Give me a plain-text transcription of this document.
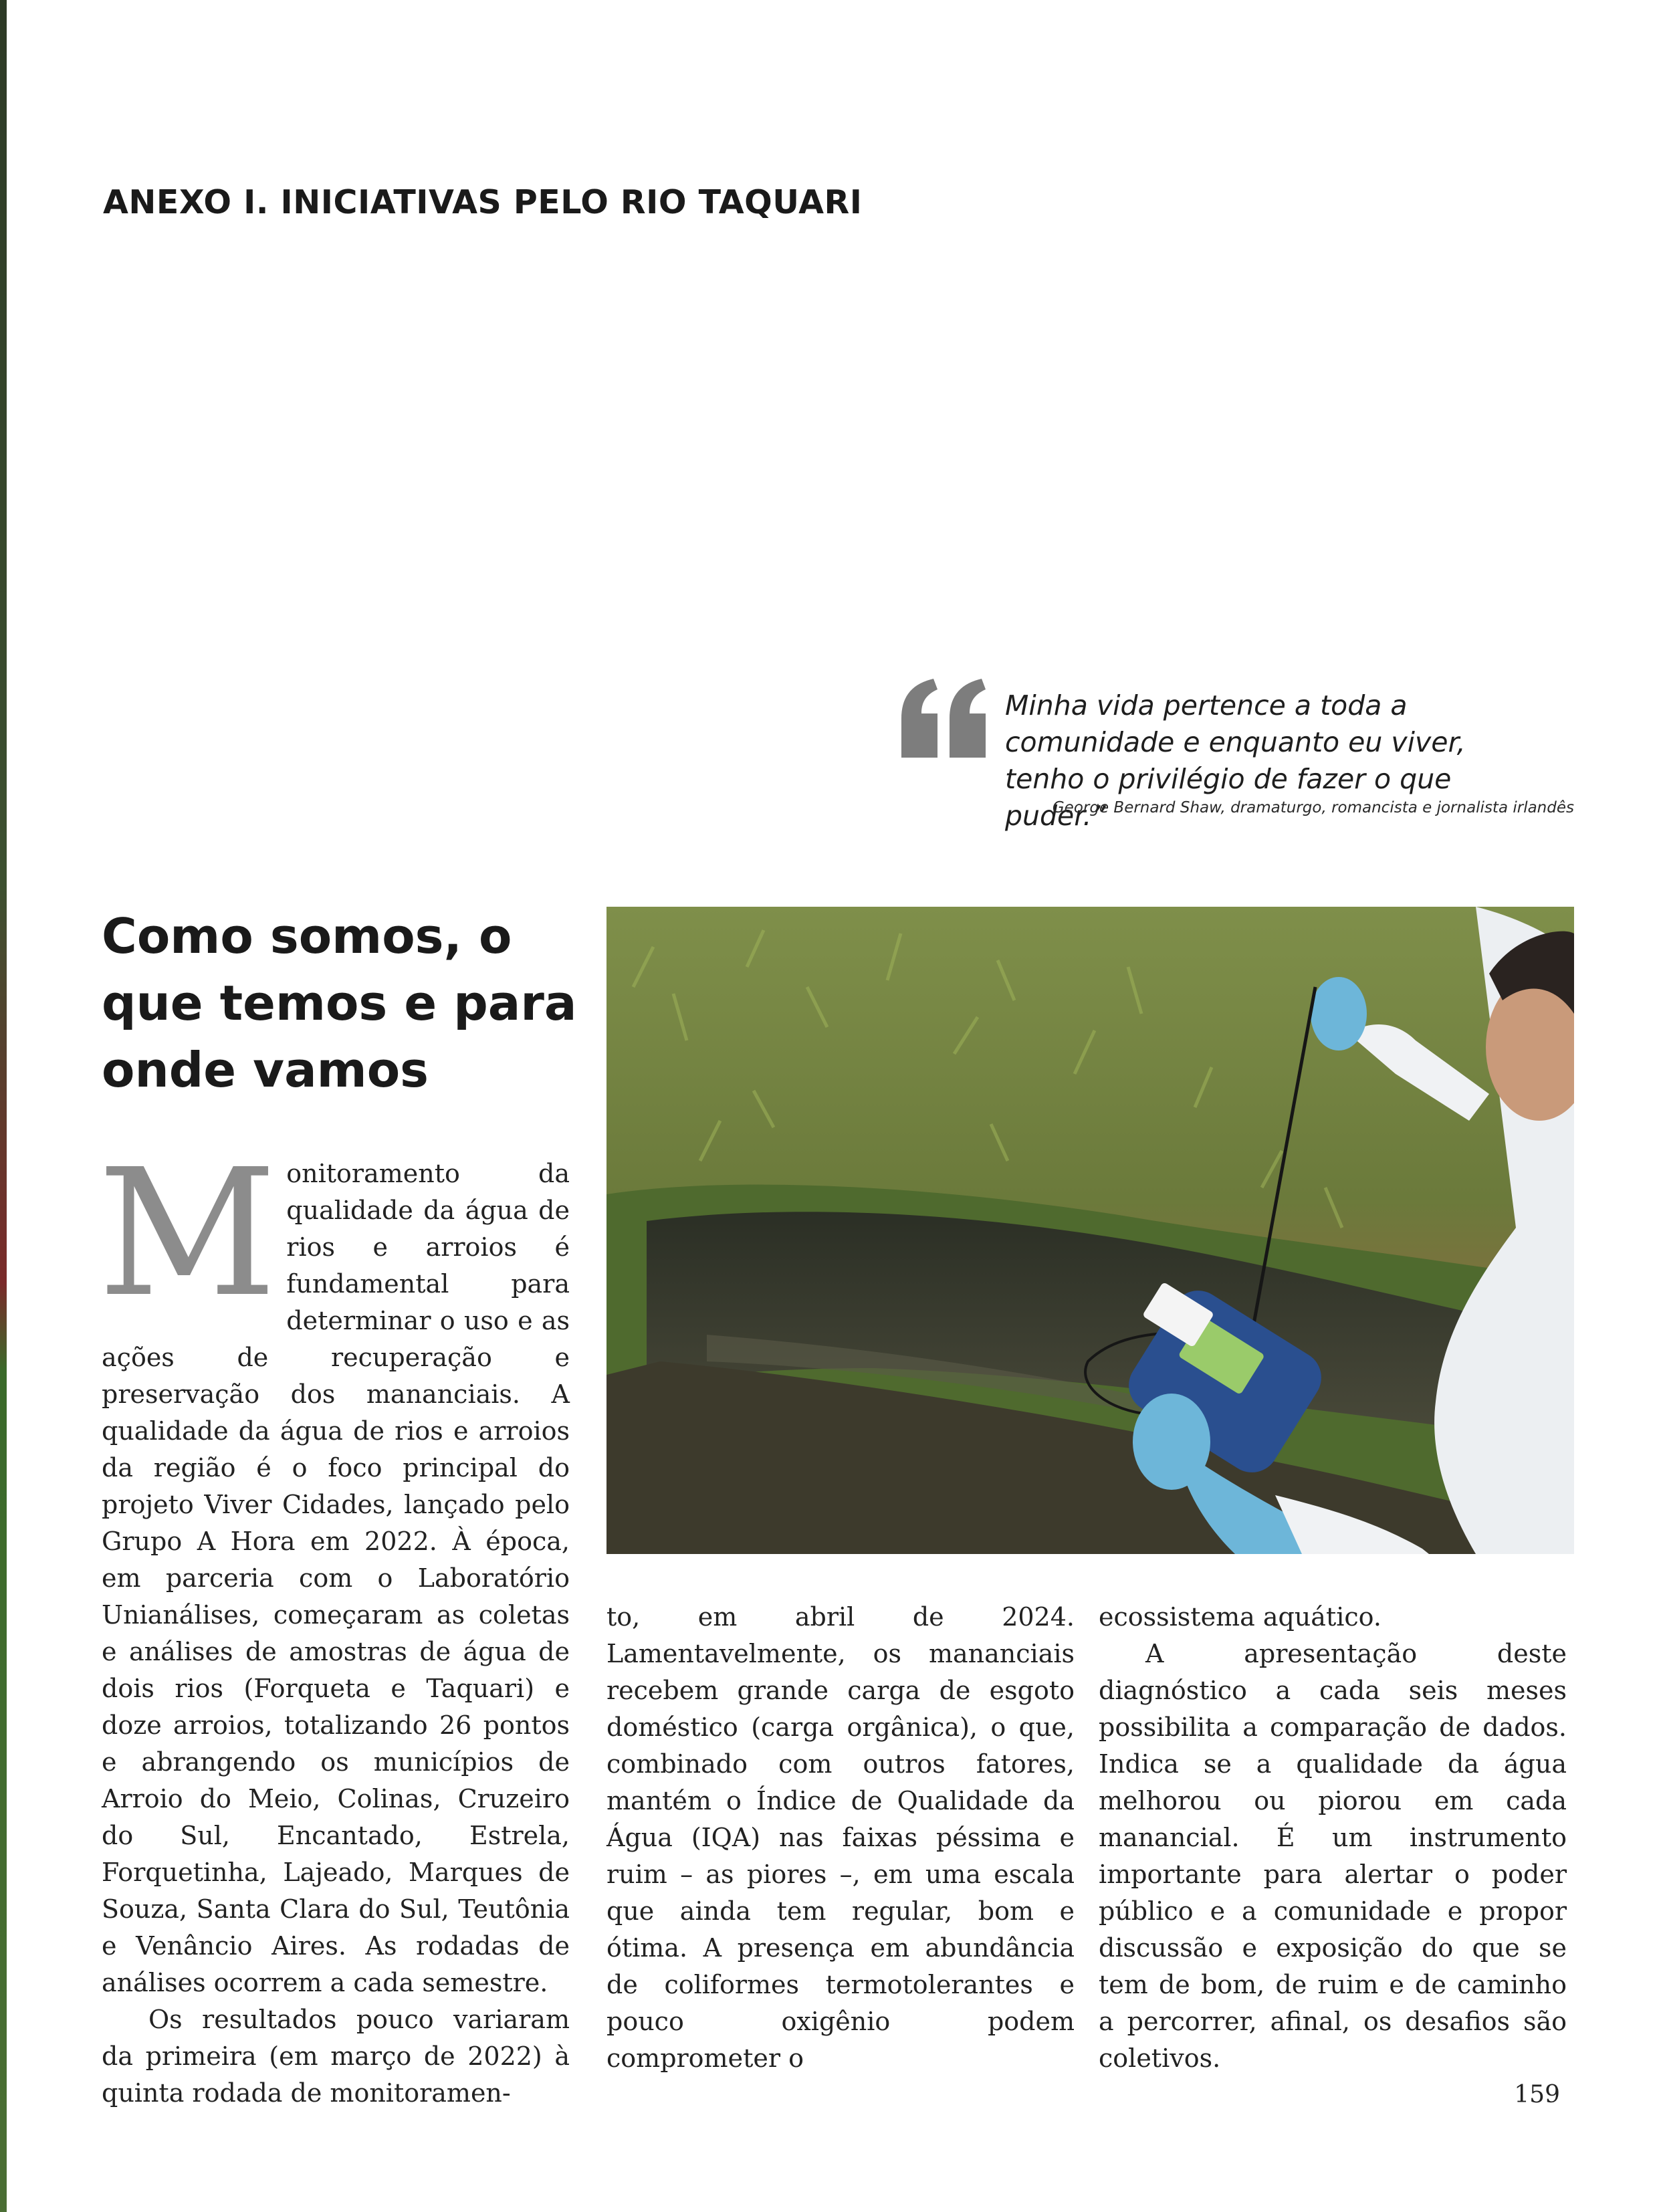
ANEXO I. INICIATIVAS PELO RIO TAQUARI

Minha vida pertence a toda a comunidade e enquanto eu viver, tenho o privilégio de fazer o que puder.”

George Bernard Shaw, dramaturgo, romancista e jornalista irlandês

Como somos, o que temos e para onde vamos

Monitoramento da qualidade da água de rios e arroios é fundamental para determinar o uso e as ações de recuperação e preservação dos mananciais. A qualidade da água de rios e arroios da região é o foco principal do projeto Viver Cidades, lançado pelo Grupo A Hora em 2022. À época, em parceria com o Laboratório Unianálises, começaram as coletas e análises de amostras de água de dois rios (Forqueta e Taquari) e doze arroios, totalizando 26 pontos e abrangendo os municípios de Arroio do Meio, Colinas, Cruzeiro do Sul, Encantado, Estrela, Forquetinha, Lajeado, Marques de Souza, Santa Clara do Sul, Teutônia e Venâncio Aires. As rodadas de análises ocorrem a cada semestre.

Os resultados pouco variaram da primeira (em março de 2022) à quinta rodada de monitoramen-

to, em abril de 2024. Lamentavelmente, os mananciais recebem grande carga de esgoto doméstico (carga orgânica), o que, combinado com outros fatores, mantém o Índice de Qualidade da Água (IQA) nas faixas péssima e ruim – as piores –, em uma escala que ainda tem regular, bom e ótima. A presença em abundância de coliformes termotolerantes e pouco oxigênio podem comprometer o

ecossistema aquático.

A apresentação deste diagnóstico a cada seis meses possibilita a comparação de dados. Indica se a qualidade da água melhorou ou piorou em cada manancial. É um instrumento importante para alertar o poder público e a comunidade e propor discussão e exposição do que se tem de bom, de ruim e de caminho a percorrer, afinal, os desafios são coletivos.

159
